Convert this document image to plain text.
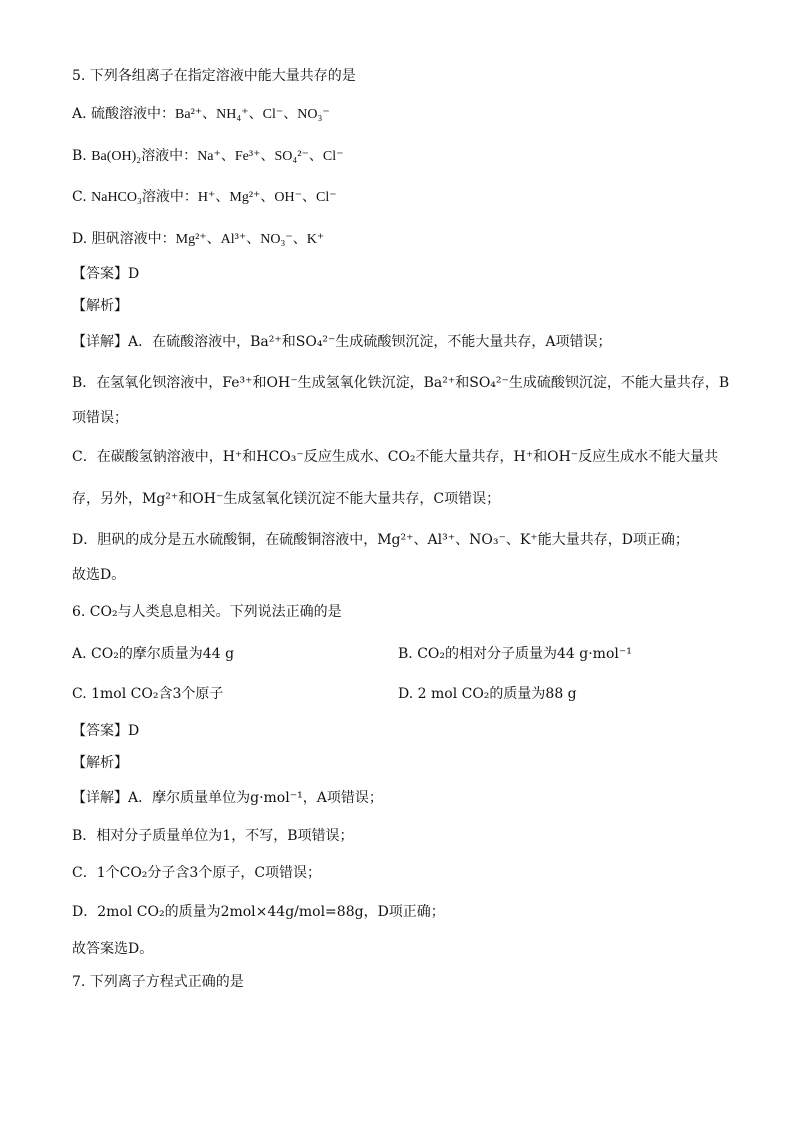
5. 下列各组离子在指定溶液中能大量共存的是
A. 硫酸溶液中：Ba²⁺、NH₄⁺、Cl⁻、NO₃⁻
B. Ba(OH)₂溶液中：Na⁺、Fe³⁺、SO₄²⁻、Cl⁻
C. NaHCO₃溶液中：H⁺、Mg²⁺、OH⁻、Cl⁻
D. 胆矾溶液中：Mg²⁺、Al³⁺、NO₃⁻、K⁺
【答案】D
【解析】
【详解】A．在硫酸溶液中，Ba²⁺和SO₄²⁻生成硫酸钡沉淀，不能大量共存，A项错误；
B．在氢氧化钡溶液中，Fe³⁺和OH⁻生成氢氧化铁沉淀，Ba²⁺和SO₄²⁻生成硫酸钡沉淀，不能大量共存，B
项错误；
C．在碳酸氢钠溶液中，H⁺和HCO₃⁻反应生成水、CO₂不能大量共存，H⁺和OH⁻反应生成水不能大量共
存，另外，Mg²⁺和OH⁻生成氢氧化镁沉淀不能大量共存，C项错误；
D．胆矾的成分是五水硫酸铜，在硫酸铜溶液中，Mg²⁺、Al³⁺、NO₃⁻、K⁺能大量共存，D项正确；
故选D。
6. CO₂与人类息息相关。下列说法正确的是
A. CO₂的摩尔质量为44 g	B. CO₂的相对分子质量为44 g·mol⁻¹
C. 1mol CO₂含3个原子	D. 2 mol CO₂的质量为88 g
【答案】D
【解析】
【详解】A．摩尔质量单位为g·mol⁻¹，A项错误；
B．相对分子质量单位为1，不写，B项错误；
C．1个CO₂分子含3个原子，C项错误；
D．2mol CO₂的质量为2mol×44g/mol=88g，D项正确；
故答案选D。
7. 下列离子方程式正确的是
